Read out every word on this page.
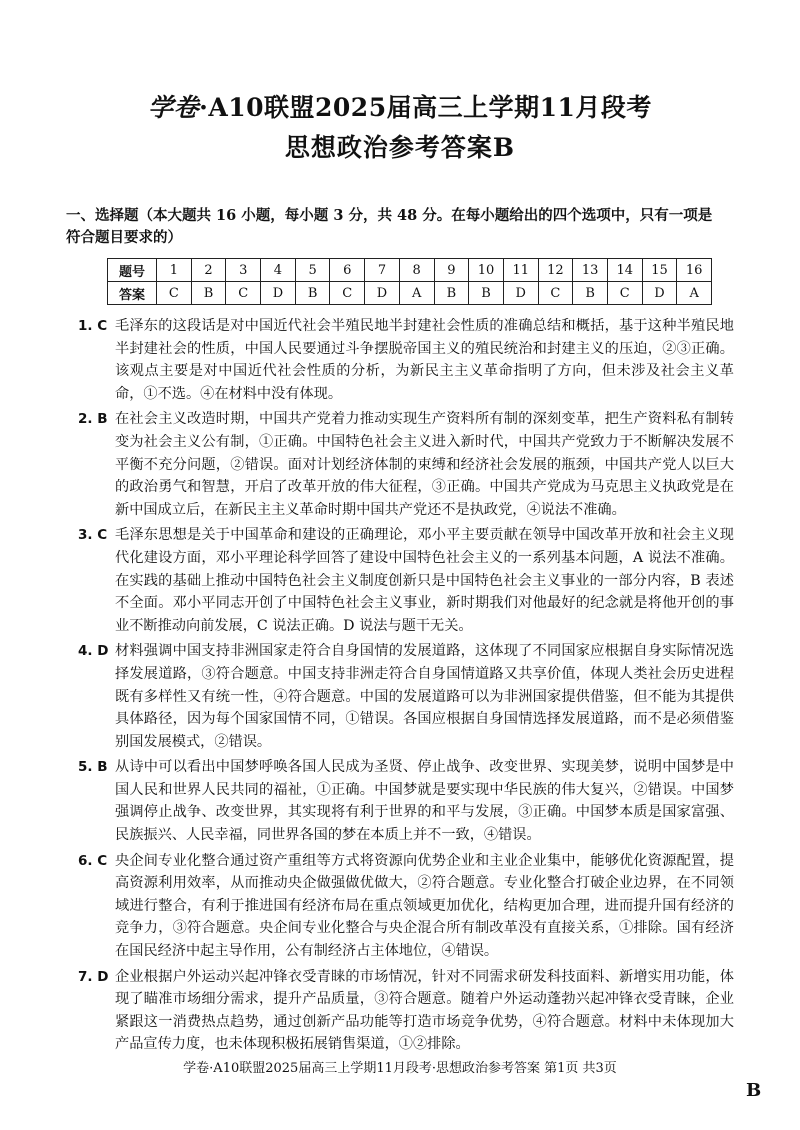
学卷·A10联盟2025届高三上学期11月段考
思想政治参考答案B
一、选择题（本大题共 16 小题，每小题 3 分，共 48 分。在每小题给出的四个选项中，只有一项是符合题目要求的）
题号	1	2	3	4	5	6	7	8	9	10	11	12	13	14	15	16
答案	C	B	C	D	B	C	D	A	B	B	D	C	B	C	D	A
1. C 毛泽东的这段话是对中国近代社会半殖民地半封建社会性质的准确总结和概括，基于这种半殖民地半封建社会的性质，中国人民要通过斗争摆脱帝国主义的殖民统治和封建主义的压迫，②③正确。该观点主要是对中国近代社会性质的分析，为新民主主义革命指明了方向，但未涉及社会主义革命，①不选。④在材料中没有体现。
2. B 在社会主义改造时期，中国共产党着力推动实现生产资料所有制的深刻变革，把生产资料私有制转变为社会主义公有制，①正确。中国特色社会主义进入新时代，中国共产党致力于不断解决发展不平衡不充分问题，②错误。面对计划经济体制的束缚和经济社会发展的瓶颈，中国共产党人以巨大的政治勇气和智慧，开启了改革开放的伟大征程，③正确。中国共产党成为马克思主义执政党是在新中国成立后，在新民主主义革命时期中国共产党还不是执政党，④说法不准确。
3. C 毛泽东思想是关于中国革命和建设的正确理论，邓小平主要贡献在领导中国改革开放和社会主义现代化建设方面，邓小平理论科学回答了建设中国特色社会主义的一系列基本问题，A 说法不准确。在实践的基础上推动中国特色社会主义制度创新只是中国特色社会主义事业的一部分内容，B 表述不全面。邓小平同志开创了中国特色社会主义事业，新时期我们对他最好的纪念就是将他开创的事业不断推动向前发展，C 说法正确。D 说法与题干无关。
4. D 材料强调中国支持非洲国家走符合自身国情的发展道路，这体现了不同国家应根据自身实际情况选择发展道路，③符合题意。中国支持非洲走符合自身国情道路又共享价值，体现人类社会历史进程既有多样性又有统一性，④符合题意。中国的发展道路可以为非洲国家提供借鉴，但不能为其提供具体路径，因为每个国家国情不同，①错误。各国应根据自身国情选择发展道路，而不是必须借鉴别国发展模式，②错误。
5. B 从诗中可以看出中国梦呼唤各国人民成为圣贤、停止战争、改变世界、实现美梦，说明中国梦是中国人民和世界人民共同的福祉，①正确。中国梦就是要实现中华民族的伟大复兴，②错误。中国梦强调停止战争、改变世界，其实现将有利于世界的和平与发展，③正确。中国梦本质是国家富强、民族振兴、人民幸福，同世界各国的梦在本质上并不一致，④错误。
6. C 央企间专业化整合通过资产重组等方式将资源向优势企业和主业企业集中，能够优化资源配置，提高资源利用效率，从而推动央企做强做优做大，②符合题意。专业化整合打破企业边界，在不同领域进行整合，有利于推进国有经济布局在重点领域更加优化，结构更加合理，进而提升国有经济的竞争力，③符合题意。央企间专业化整合与央企混合所有制改革没有直接关系，①排除。国有经济在国民经济中起主导作用，公有制经济占主体地位，④错误。
7. D 企业根据户外运动兴起冲锋衣受青睐的市场情况，针对不同需求研发科技面料、新增实用功能，体现了瞄准市场细分需求，提升产品质量，③符合题意。随着户外运动蓬勃兴起冲锋衣受青睐，企业紧跟这一消费热点趋势，通过创新产品功能等打造市场竞争优势，④符合题意。材料中未体现加大产品宣传力度，也未体现积极拓展销售渠道，①②排除。
学卷·A10联盟2025届高三上学期11月段考·思想政治参考答案 第1页 共3页
B
